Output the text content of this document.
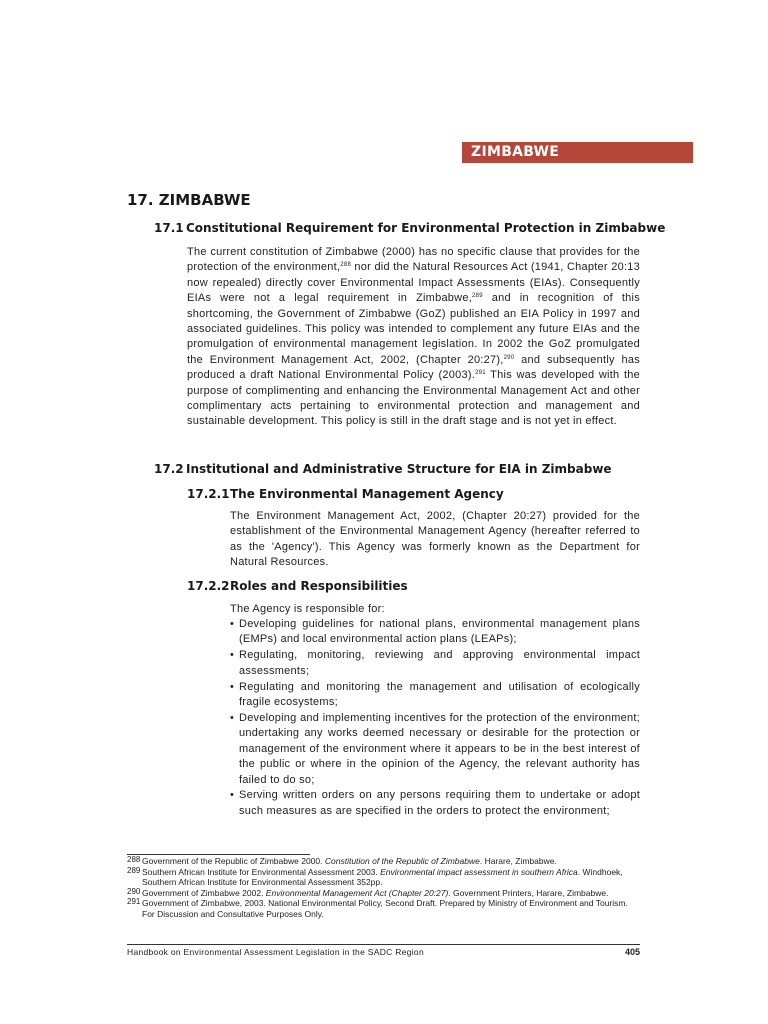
ZIMBABWE
17. ZIMBABWE
17.1 Constitutional Requirement for Environmental Protection in Zimbabwe

The current constitution of Zimbabwe (2000) has no specific clause that provides for the protection of the environment,$^{288}$ nor did the Natural Resources Act (1941, Chapter 20:13 now repealed) directly cover Environmental Impact Assessments (EIAs). Consequently EIAs were not a legal requirement in Zimbabwe,$^{289}$ and in recognition of this shortcoming, the Government of Zimbabwe (GoZ) published an EIA Policy in 1997 and associated guidelines. This policy was intended to complement any future EIAs and the promulgation of environmental management legislation. In 2002 the GoZ promulgated the Environment Management Act, 2002, (Chapter 20:27),$^{290}$ and subsequently has produced a draft National Environmental Policy (2003).$^{291}$ This was developed with the purpose of complimenting and enhancing the Environmental Management Act and other complimentary acts pertaining to environmental protection and management and sustainable development. This policy is still in the draft stage and is not yet in effect.

17.2 Institutional and Administrative Structure for EIA in Zimbabwe
17.2.1The Environmental Management Agency

The Environment Management Act, 2002, (Chapter 20:27) provided for the establishment of the Environmental Management Agency (hereafter referred to as the 'Agency'). This Agency was formerly known as the Department for Natural Resources.

17.2.2Roles and Responsibilities
The Agency is responsible for:
• Developing guidelines for national plans, environmental management plans (EMPs) and local environmental action plans (LEAPs);
• Regulating, monitoring, reviewing and approving environmental impact assessments;
• Regulating and monitoring the management and utilisation of ecologically fragile ecosystems;
• Developing and implementing incentives for the protection of the environment; undertaking any works deemed necessary or desirable for the protection or management of the environment where it appears to be in the best interest of the public or where in the opinion of the Agency, the relevant authority has failed to do so;
• Serving written orders on any persons requiring them to undertake or adopt such measures as are specified in the orders to protect the environment;
288 Government of the Republic of Zimbabwe 2000. Constitution of the Republic of Zimbabwe. Harare, Zimbabwe.
289 Southern African Institute for Environmental Assessment 2003. Environmental impact assessment in southern Africa. Windhoek, Southern African Institute for Environmental Assessment 352pp.
290 Government of Zimbabwe 2002. Environmental Management Act (Chapter 20:27). Government Printers, Harare, Zimbabwe.
291 Government of Zimbabwe, 2003. National Environmental Policy, Second Draft. Prepared by Ministry of Environment and Tourism. For Discussion and Consultative Purposes Only.
Handbook on Environmental Assessment Legislation in the SADC Region	405
